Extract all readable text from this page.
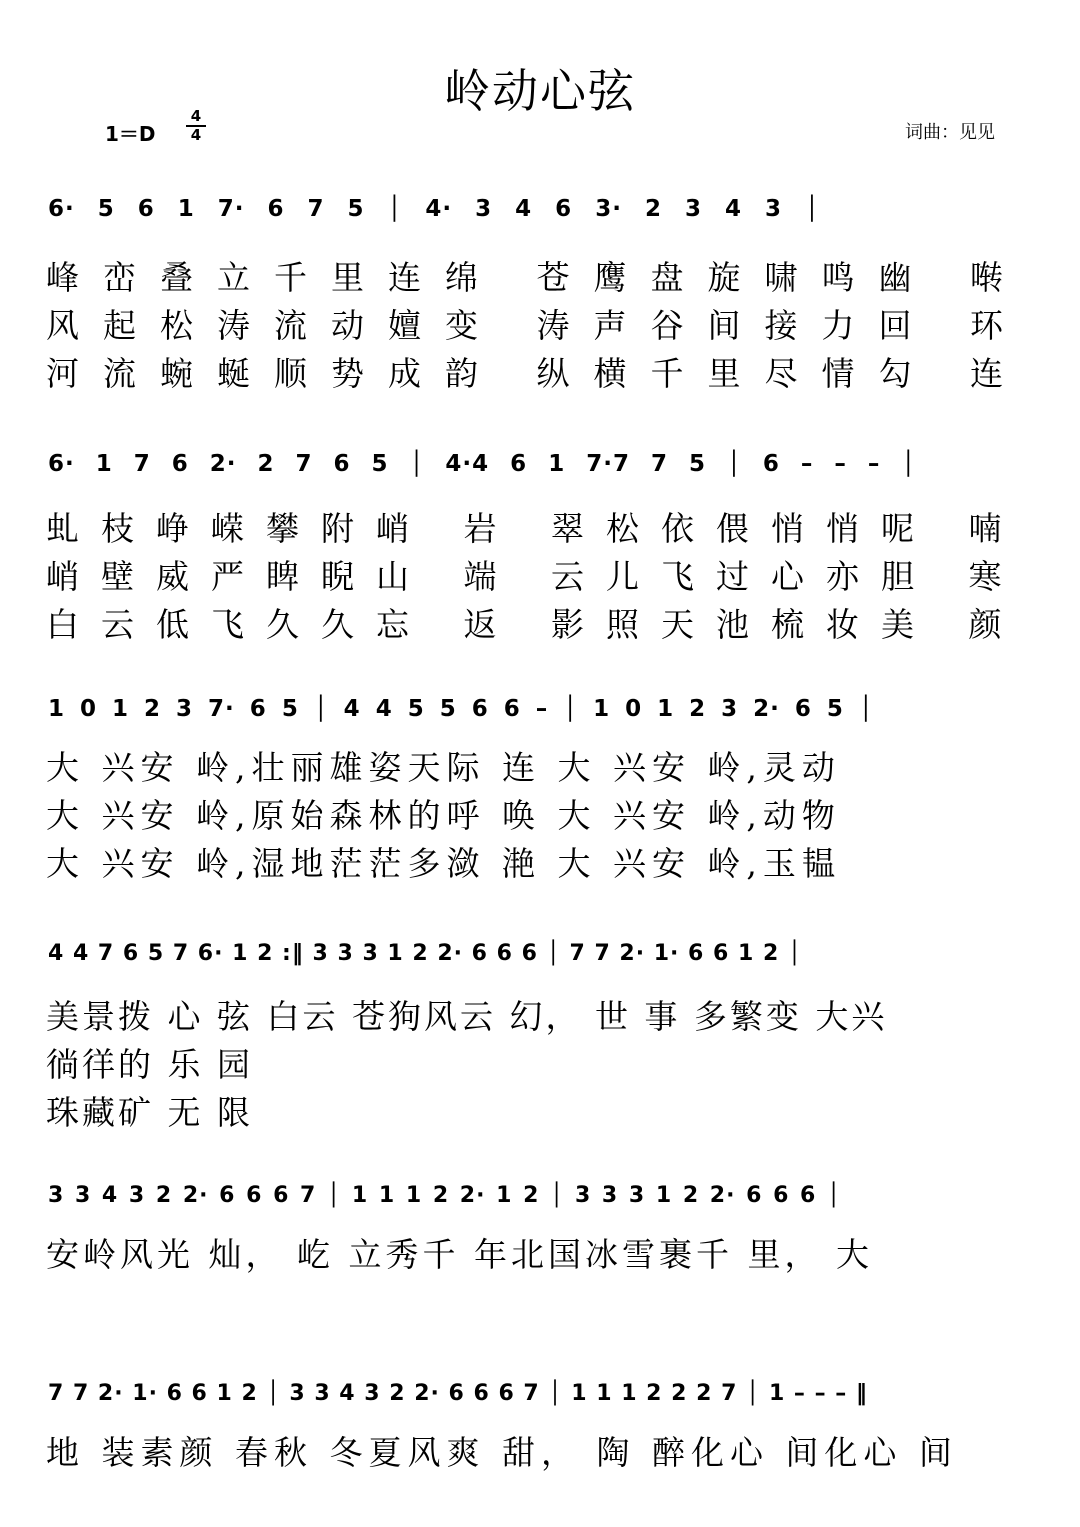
岭动心弦
1＝D
4
4	词曲：见见
6· 5 6 1 7· 6 7 5 │ 4· 3 4 6 3· 2 3 4 3 │
峰峦叠立千里连绵 苍鹰盘旋啸鸣幽 啭
风起松涛流动嬗变 涛声谷间接力回 环
河流蜿蜒顺势成韵 纵横千里尽情勾 连
6· 1 7 6 2· 2 7 6 5 │ 4·4 6 1 7·7 7 5 │ 6 – – – │
虬枝峥嵘攀附峭 岩 翠松依偎悄悄呢 喃
峭壁威严睥睨山 端 云儿飞过心亦胆 寒
白云低飞久久忘 返 影照天池梳妆美 颜
1 0 1 2 3 7· 6 5 │ 4 4 5 5 6 6 – │ 1 0 1 2 3 2· 6 5 │
大 兴安 岭,壮丽雄姿天际 连 大 兴安 岭,灵动
大 兴安 岭,原始森林的呼 唤 大 兴安 岭,动物
大 兴安 岭,湿地茫茫多潋 滟 大 兴安 岭,玉韫
4 4 7 6 5 7 6· 1 2 :‖ 3 3 3 1 2 2· 6 6 6 │ 7 7 2· 1· 6 6 1 2 │
美景拨 心 弦 白云 苍狗风云 幻， 世 事 多繁变 大兴
徜徉的 乐 园
珠藏矿 无 限
3 3 4 3 2 2· 6 6 6 7 │ 1 1 1 2 2· 1 2 │ 3 3 3 1 2 2· 6 6 6 │
安岭风光 灿， 屹 立秀千 年北国冰雪裹千 里， 大
7 7 2· 1· 6 6 1 2 │ 3 3 4 3 2 2· 6 6 6 7 │ 1 1 1 2 2 2 7 │ 1 – – – ‖
地 装素颜 春秋 冬夏风爽 甜， 陶 醉化心 间化心 间
